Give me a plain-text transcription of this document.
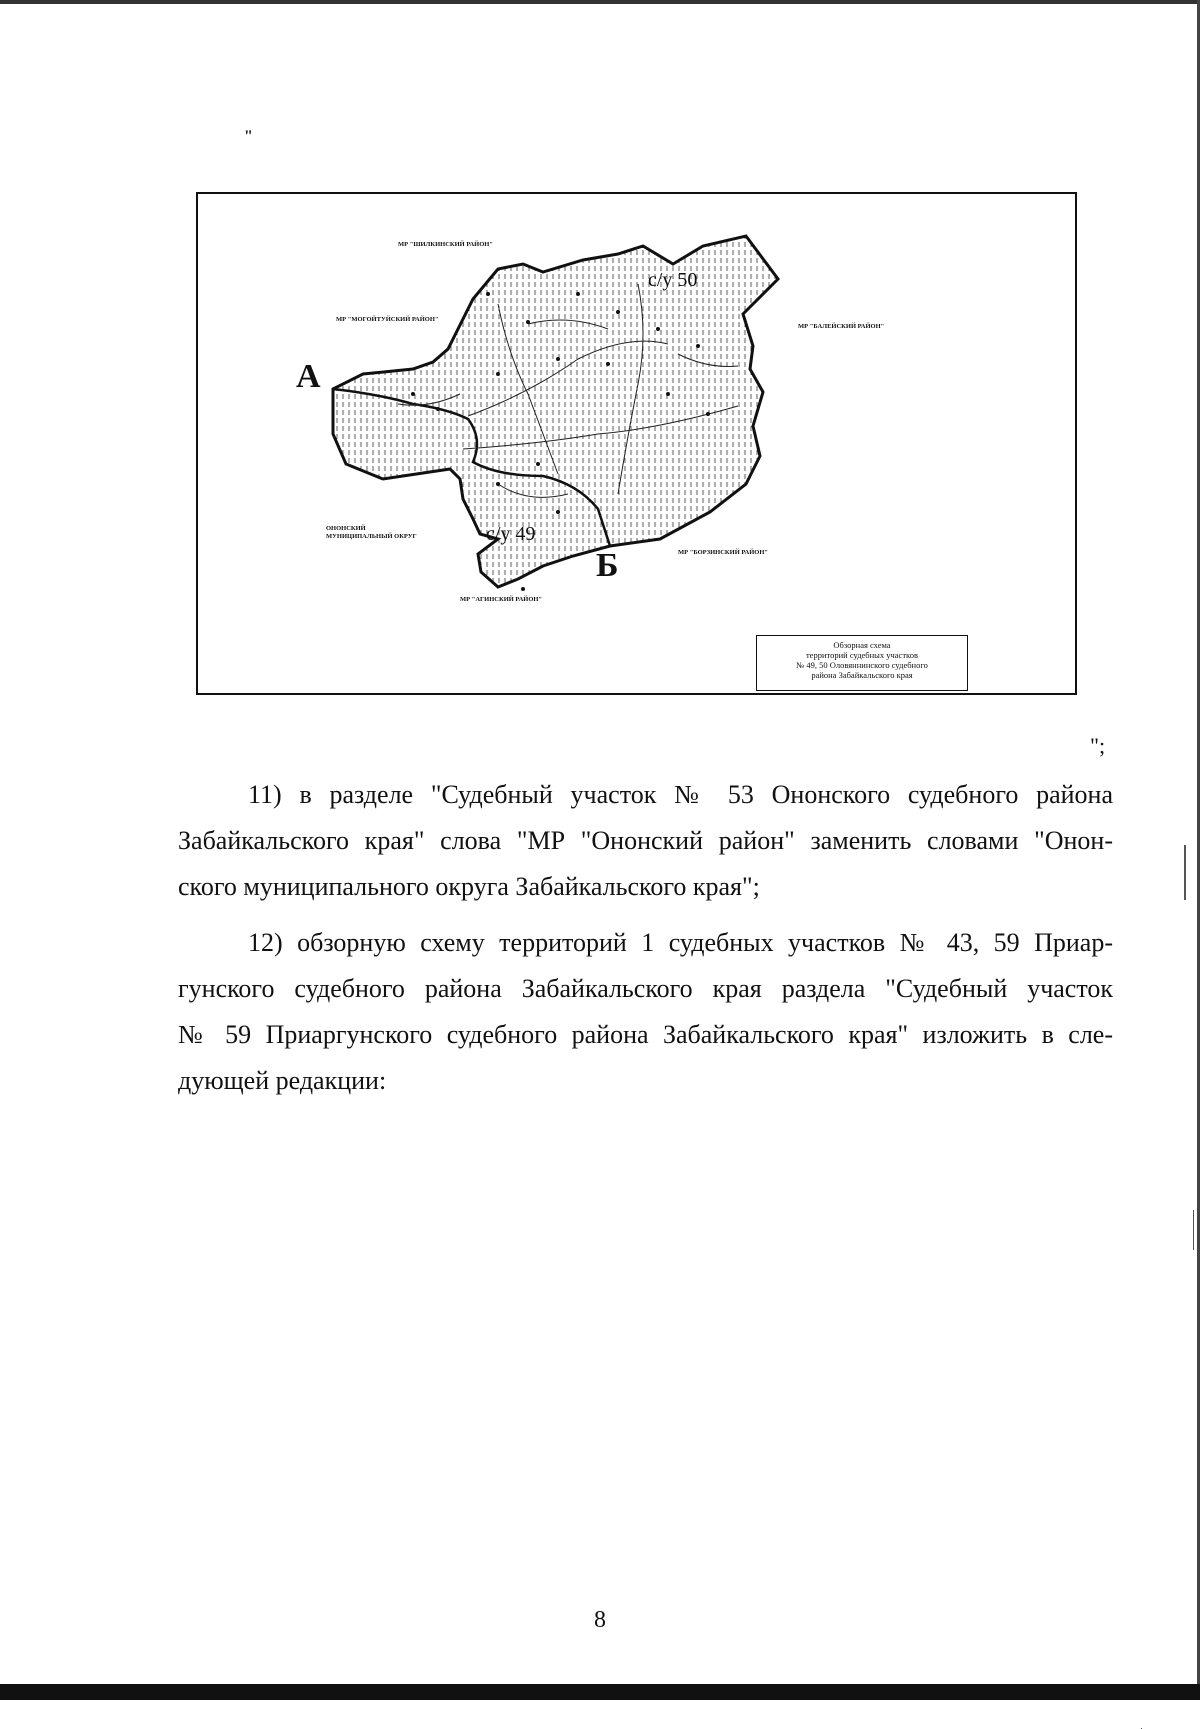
"
А
Б
с/у 50
с/у 49
МР "ШИЛКИНСКИЙ РАЙОН"
МР "МОГОЙТУЙСКИЙ РАЙОН"
МР "БАЛЕЙСКИЙ РАЙОН"
ОНОНСКИЙ
МУНИЦИПАЛЬНЫЙ ОКРУГ
МР "БОРЗИНСКИЙ РАЙОН"
МР "АГИНСКИЙ РАЙОН"
Обзорная схема
территорий судебных участков
№ 49, 50 Оловяннинского судебного
района Забайкальского края
";
11) в разделе "Судебный участок № 53 Ононского судебного района
Забайкальского края" слова "МР "Ононский район" заменить словами "Онон-
ского муниципального округа Забайкальского края";
12) обзорную схему территорий 1 судебных участков № 43, 59 Приар-
гунского судебного района Забайкальского края раздела "Судебный участок
№ 59 Приаргунского судебного района Забайкальского края" изложить в сле-
дующей редакции:
8
